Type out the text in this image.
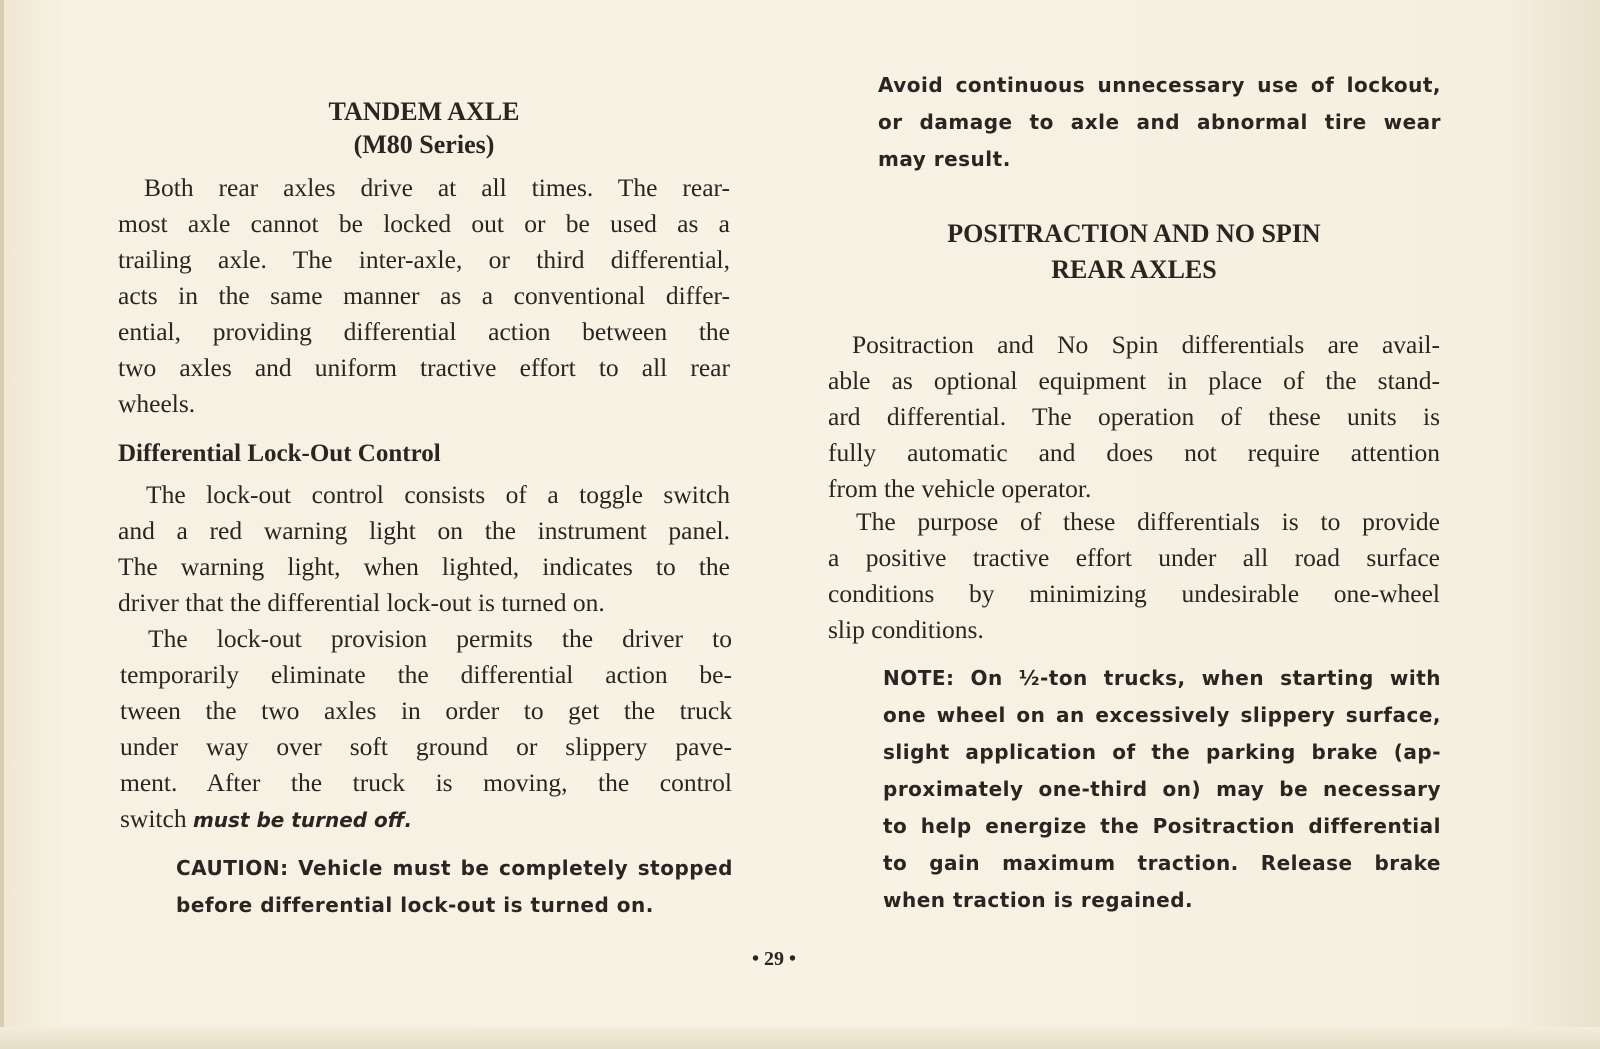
TANDEM AXLE
(M80 Series)
Both rear axles drive at all times. The rear-
most axle cannot be locked out or be used as a
trailing axle. The inter-axle, or third differential,
acts in the same manner as a conventional differ-
ential, providing differential action between the
two axles and uniform tractive effort to all rear
wheels.
Differential Lock-Out Control
The lock-out control consists of a toggle switch
and a red warning light on the instrument panel.
The warning light, when lighted, indicates to the
driver that the differential lock-out is turned on.
The lock-out provision permits the driver to
temporarily eliminate the differential action be-
tween the two axles in order to get the truck
under way over soft ground or slippery pave-
ment. After the truck is moving, the control
switch must be turned off.
CAUTION: Vehicle must be completely stopped
before differential lock-out is turned on.
Avoid continuous unnecessary use of lockout,
or damage to axle and abnormal tire wear
may result.
POSITRACTION AND NO SPIN
REAR AXLES
Positraction and No Spin differentials are avail-
able as optional equipment in place of the stand-
ard differential. The operation of these units is
fully automatic and does not require attention
from the vehicle operator.
The purpose of these differentials is to provide
a positive tractive effort under all road surface
conditions by minimizing undesirable one-wheel
slip conditions.
NOTE: On ½-ton trucks, when starting with
one wheel on an excessively slippery surface,
slight application of the parking brake (ap-
proximately one-third on) may be necessary
to help energize the Positraction differential
to gain maximum traction. Release brake
when traction is regained.
• 29 •
